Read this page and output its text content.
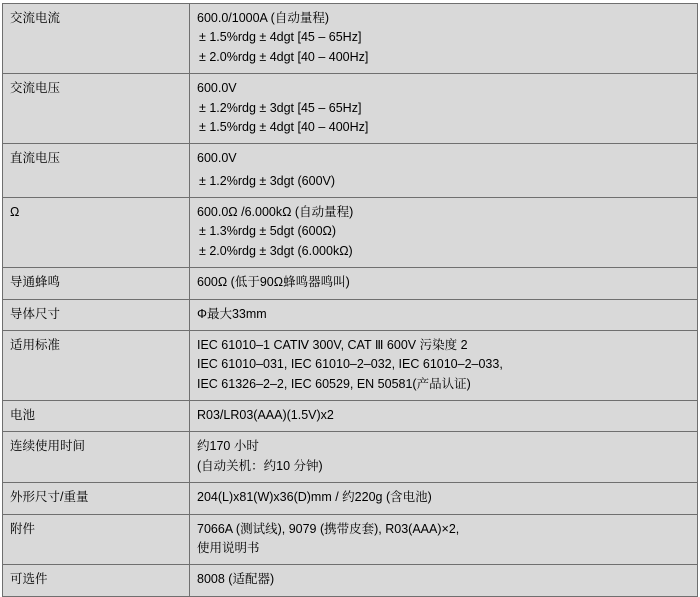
交流电流	600.0/1000A (自动量程)
± 1.5%rdg ± 4dgt [45 – 65Hz]
± 2.0%rdg ± 4dgt [40 – 400Hz]

交流电压	600.0V
± 1.2%rdg ± 3dgt [45 – 65Hz]
± 1.5%rdg ± 4dgt [40 – 400Hz]

直流电压	600.0V
± 1.2%rdg ± 3dgt (600V)

Ω	600.0Ω /6.000kΩ (自动量程)
± 1.3%rdg ± 5dgt (600Ω)
± 2.0%rdg ± 3dgt (6.000kΩ)

导通蜂鸣	600Ω (低于90Ω蜂鸣器鸣叫)

导体尺寸	Φ最大33mm

适用标准	IEC 61010–1 CATⅣ 300V, CAT Ⅲ 600V 污染度 2
IEC 61010–031, IEC 61010–2–032, IEC 61010–2–033,
IEC 61326–2–2, IEC 60529, EN 50581(产品认证)

电池	R03/LR03(AAA)(1.5V)x2

连续使用时间	约170 小时
(自动关机：约10 分钟)

外形尺寸/重量	204(L)x81(W)x36(D)mm / 约220g (含电池)

附件	7066A (测试线), 9079 (携带皮套), R03(AAA)×2,
使用说明书

可选件	8008 (适配器)
